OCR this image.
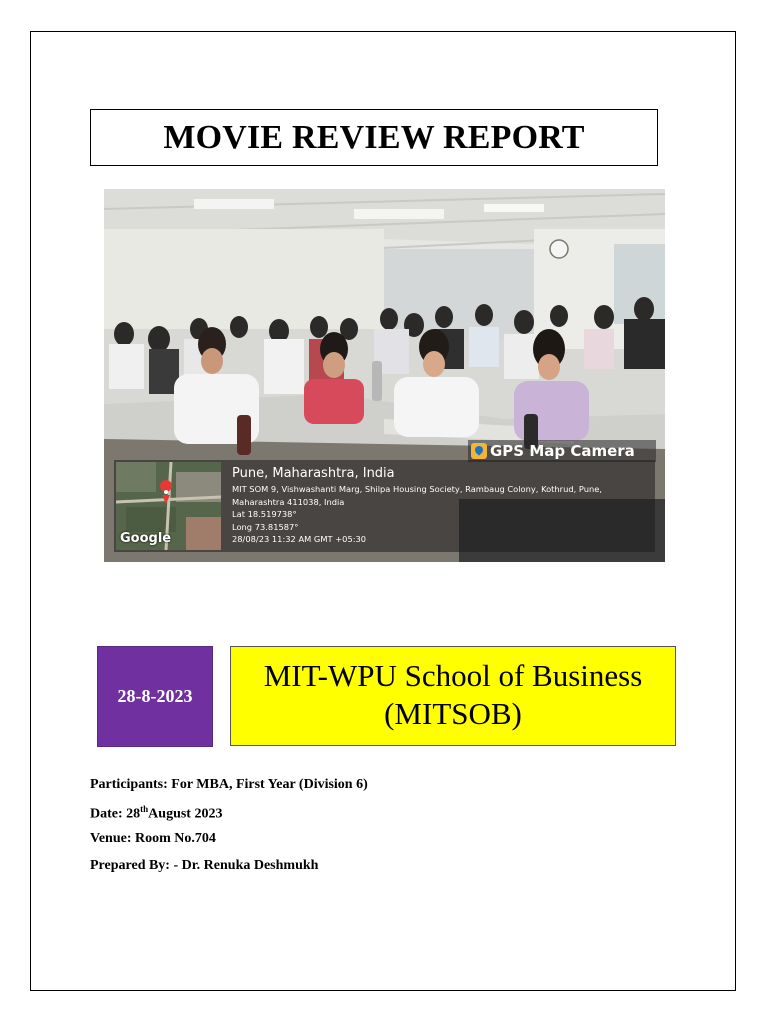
MOVIE REVIEW REPORT
GPS Map Camera
Google
Pune, Maharashtra, India
MIT SOM 9, Vishwashanti Marg, Shilpa Housing Society, Rambaug Colony, Kothrud, Pune,
Maharashtra 411038, India
Lat 18.519738°
Long 73.81587°
28/08/23 11:32 AM GMT +05:30
28-8-2023
MIT-WPU School of Business
(MITSOB)
Participants: For MBA, First Year (Division 6)
Date: 28thAugust 2023
Venue: Room No.704
Prepared By: - Dr. Renuka Deshmukh
